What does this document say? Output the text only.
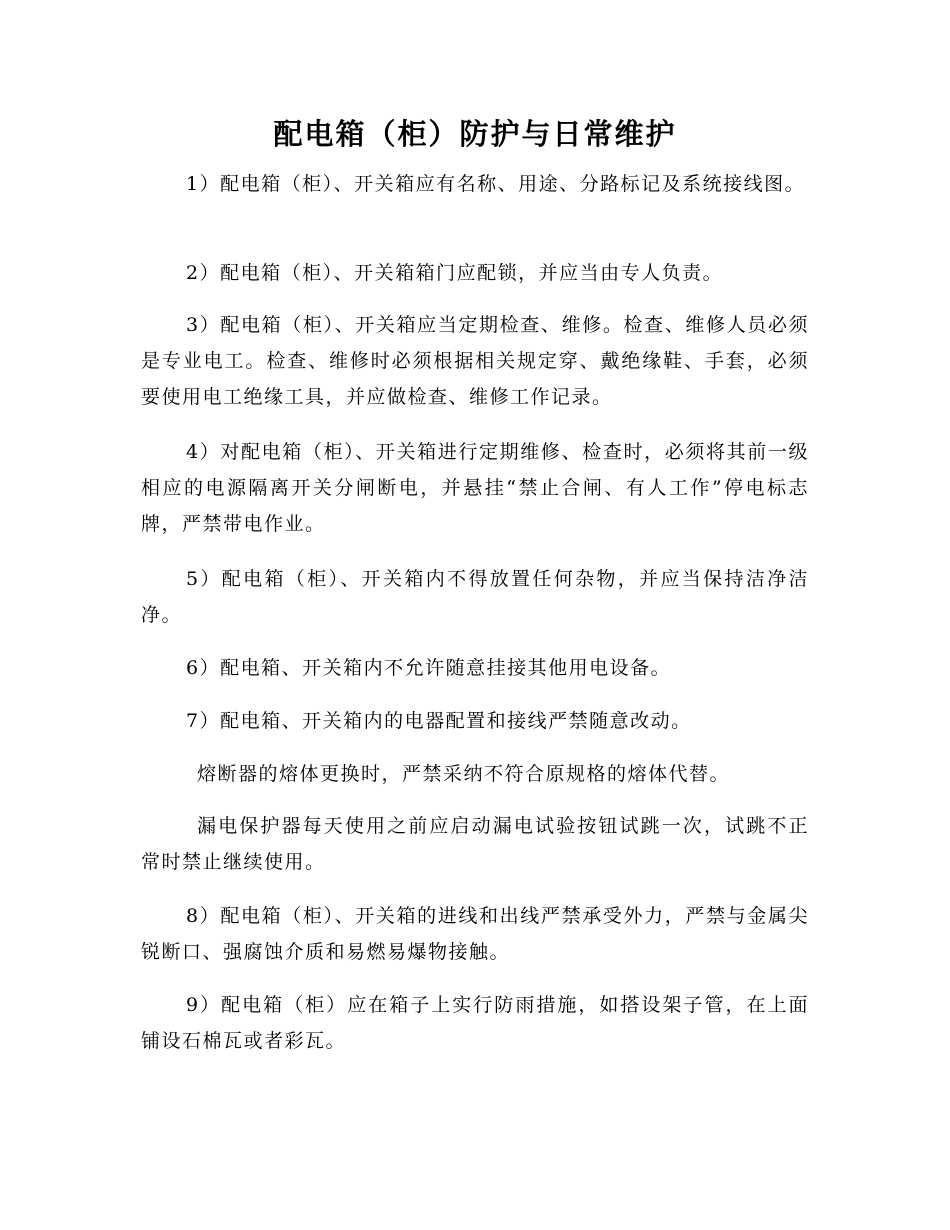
配电箱（柜）防护与日常维护

1）配电箱（柜）、开关箱应有名称、用途、分路标记及系统接线图。

2）配电箱（柜）、开关箱箱门应配锁，并应当由专人负责。

3）配电箱（柜）、开关箱应当定期检查、维修。检查、维修人员必须是专业电工。检查、维修时必须根据相关规定穿、戴绝缘鞋、手套，必须要使用电工绝缘工具，并应做检查、维修工作记录。

4）对配电箱（柜）、开关箱进行定期维修、检查时，必须将其前一级相应的电源隔离开关分闸断电，并悬挂“禁止合闸、有人工作”停电标志牌，严禁带电作业。

5）配电箱（柜）、开关箱内不得放置任何杂物，并应当保持洁净洁净。

6）配电箱、开关箱内不允许随意挂接其他用电设备。

7）配电箱、开关箱内的电器配置和接线严禁随意改动。

熔断器的熔体更换时，严禁采纳不符合原规格的熔体代替。

漏电保护器每天使用之前应启动漏电试验按钮试跳一次，试跳不正常时禁止继续使用。

8）配电箱（柜）、开关箱的进线和出线严禁承受外力，严禁与金属尖锐断口、强腐蚀介质和易燃易爆物接触。

9）配电箱（柜）应在箱子上实行防雨措施，如搭设架子管，在上面铺设石棉瓦或者彩瓦。
